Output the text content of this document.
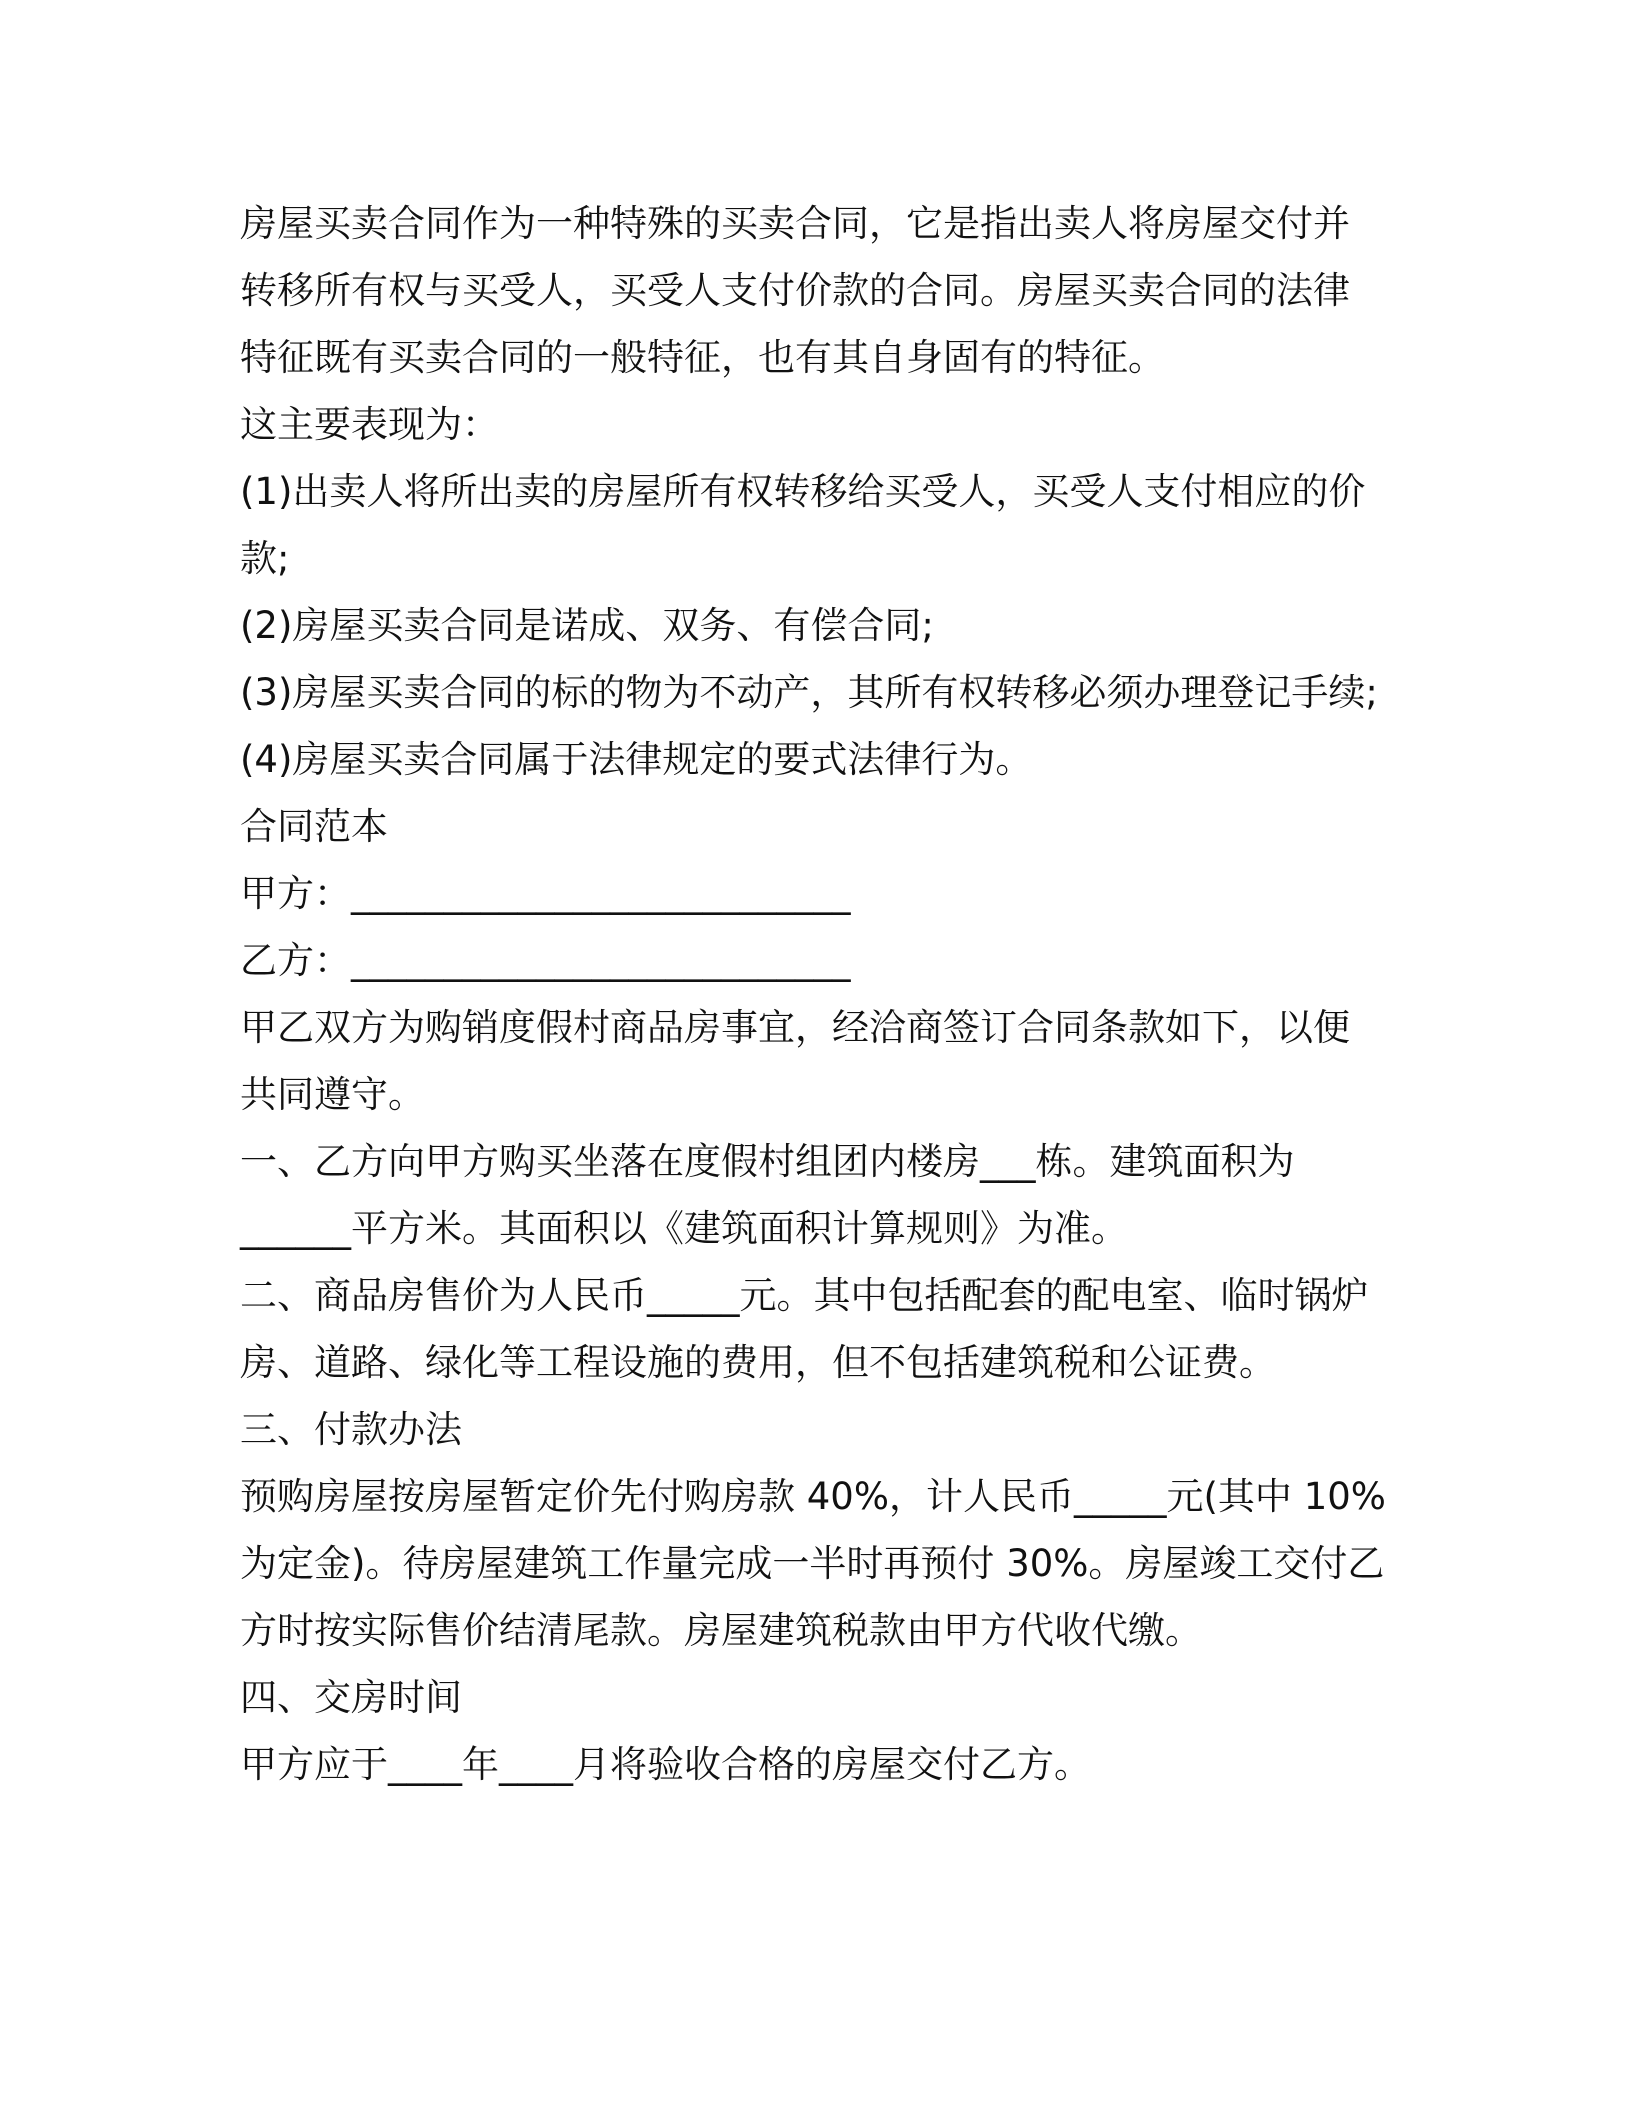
房屋买卖合同作为一种特殊的买卖合同，它是指出卖人将房屋交付并
转移所有权与买受人，买受人支付价款的合同。房屋买卖合同的法律
特征既有买卖合同的一般特征，也有其自身固有的特征。
这主要表现为：
(1)出卖人将所出卖的房屋所有权转移给买受人，买受人支付相应的价
款;
(2)房屋买卖合同是诺成、双务、有偿合同;
(3)房屋买卖合同的标的物为不动产，其所有权转移必须办理登记手续;
(4)房屋买卖合同属于法律规定的要式法律行为。
合同范本
甲方：___________________________
乙方：___________________________
甲乙双方为购销度假村商品房事宜，经洽商签订合同条款如下，以便
共同遵守。
一、乙方向甲方购买坐落在度假村组团内楼房___栋。建筑面积为
______平方米。其面积以《建筑面积计算规则》为准。
二、商品房售价为人民币_____元。其中包括配套的配电室、临时锅炉
房、道路、绿化等工程设施的费用，但不包括建筑税和公证费。
三、付款办法
预购房屋按房屋暂定价先付购房款 40%，计人民币_____元(其中 10%
为定金)。待房屋建筑工作量完成一半时再预付 30%。房屋竣工交付乙
方时按实际售价结清尾款。房屋建筑税款由甲方代收代缴。
四、交房时间
甲方应于____年____月将验收合格的房屋交付乙方。
